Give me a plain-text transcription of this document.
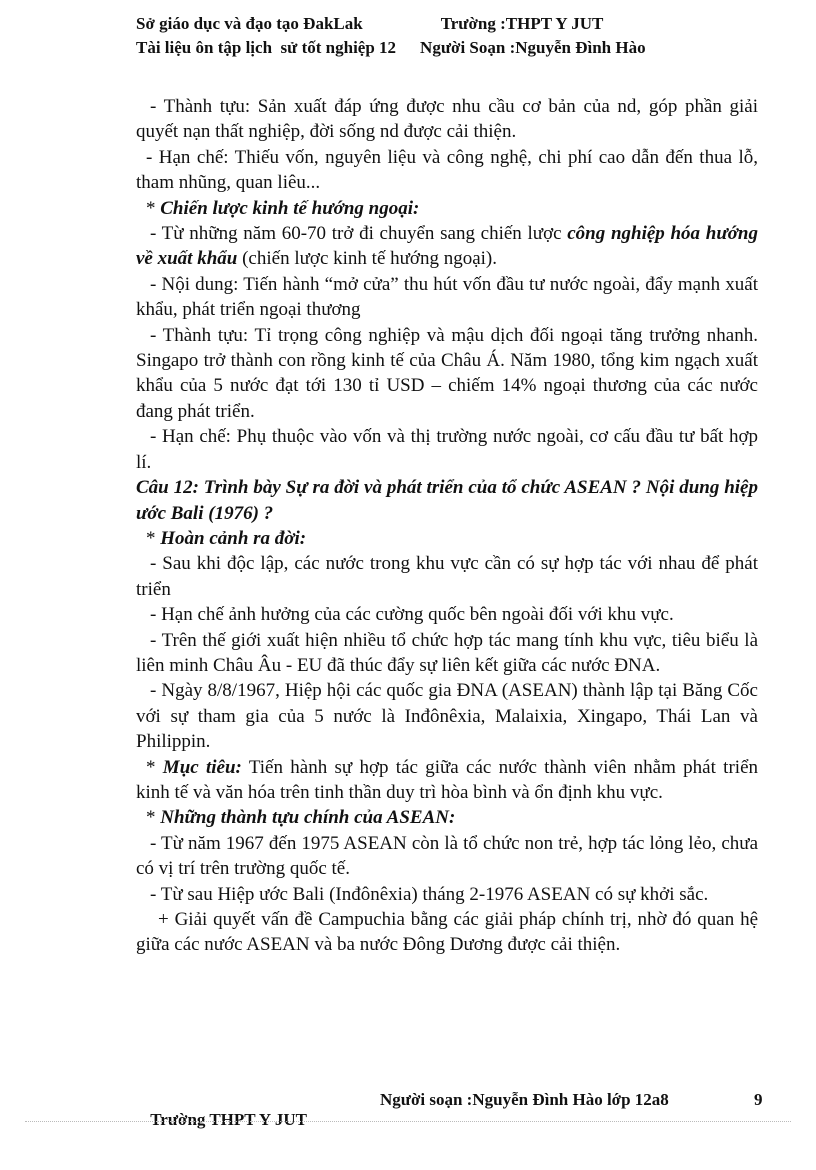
Sở giáo dục và đạo tạo ĐakLak	Trường :THPT Y JUT
Tài liệu ôn tập lịch  sử tốt nghiệp 12 Người Soạn :Nguyễn Đình Hào

- Thành tựu: Sản xuất đáp ứng được nhu cầu cơ bản của nd, góp phần giải quyết nạn thất nghiệp, đời sống nd được cải thiện.

- Hạn chế: Thiếu vốn, nguyên liệu và công nghệ, chi phí cao dẫn đến thua lỗ, tham nhũng, quan liêu...

* Chiến lược kinh tế hướng ngoại:

- Từ những năm 60-70 trở đi chuyển sang chiến lược công nghiệp hóa hướng về xuất khẩu (chiến lược kinh tế hướng ngoại).

- Nội dung: Tiến hành “mở cửa” thu hút vốn đầu tư nước ngoài, đẩy mạnh xuất khẩu, phát triển ngoại thương

- Thành tựu: Tỉ trọng công nghiệp và mậu dịch đối ngoại tăng trưởng nhanh. Singapo trở thành con rồng kinh tế của Châu Á. Năm 1980, tổng kim ngạch xuất khẩu của 5 nước đạt tới 130 tỉ USD – chiếm 14% ngoại thương của các nước đang phát triển.

- Hạn chế: Phụ thuộc vào vốn và thị trường nước ngoài, cơ cấu đầu tư bất hợp lí.

Câu 12: Trình bày Sự ra đời và phát triển của tổ chức ASEAN ? Nội dung hiệp ước Bali (1976) ?

* Hoàn cảnh ra đời:

- Sau khi độc lập, các nước trong khu vực cần có sự hợp tác với nhau để phát triển

- Hạn chế ảnh hưởng của các cường quốc bên ngoài đối với khu vực.

- Trên thế giới xuất hiện nhiều tổ chức hợp tác mang tính khu vực, tiêu biểu là liên minh Châu Âu - EU đã thúc đẩy sự liên kết giữa các nước ĐNA.

- Ngày 8/8/1967, Hiệp hội các quốc gia ĐNA (ASEAN) thành lập tại Băng Cốc với sự tham gia của 5 nước là Inđônêxia, Malaixia, Xingapo, Thái Lan và Philippin.

* Mục tiêu: Tiến hành sự hợp tác giữa các nước thành viên nhằm phát triển kinh tế và văn hóa trên tinh thần duy trì hòa bình và ổn định khu vực.

* Những thành tựu chính của ASEAN:

- Từ năm 1967 đến 1975 ASEAN còn là tổ chức non trẻ, hợp tác lỏng lẻo, chưa có vị trí trên trường quốc tế.

- Từ sau Hiệp ước Bali (Inđônêxia) tháng 2-1976 ASEAN có sự khởi sắc.

+ Giải quyết vấn đề Campuchia bằng các giải pháp chính trị, nhờ đó quan hệ giữa các nước ASEAN và ba nước Đông Dương được cải thiện.

Trường THPT Y JUT

Người soạn :Nguyễn Đình Hào lớp 12a8

	9
